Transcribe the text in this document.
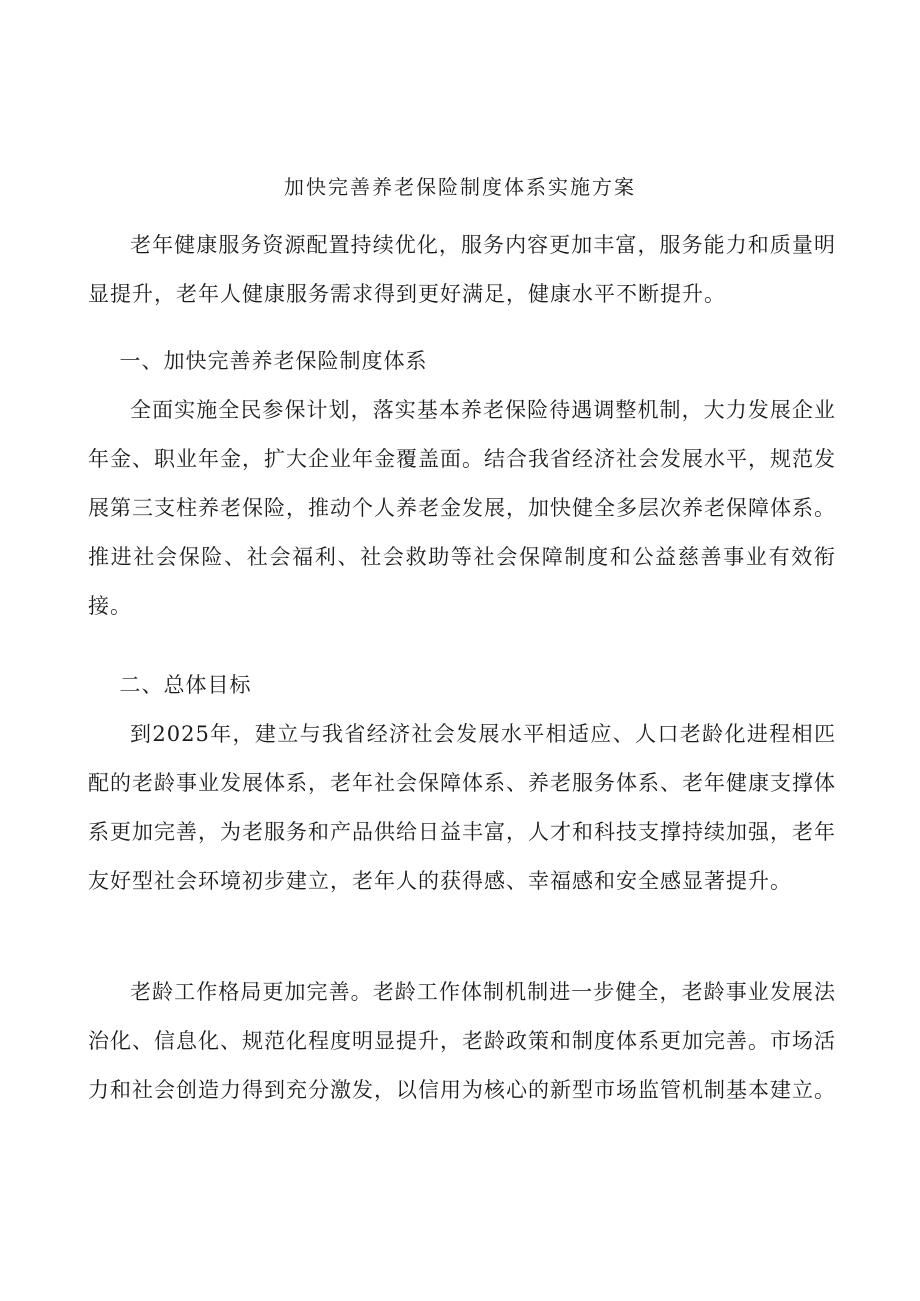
加快完善养老保险制度体系实施方案

老年健康服务资源配置持续优化，服务内容更加丰富，服务能力和质量明显提升，老年人健康服务需求得到更好满足，健康水平不断提升。

一、加快完善养老保险制度体系

全面实施全民参保计划，落实基本养老保险待遇调整机制，大力发展企业年金、职业年金，扩大企业年金覆盖面。结合我省经济社会发展水平，规范发展第三支柱养老保险，推动个人养老金发展，加快健全多层次养老保障体系。推进社会保险、社会福利、社会救助等社会保障制度和公益慈善事业有效衔接。

二、总体目标

到2025年，建立与我省经济社会发展水平相适应、人口老龄化进程相匹配的老龄事业发展体系，老年社会保障体系、养老服务体系、老年健康支撑体系更加完善，为老服务和产品供给日益丰富，人才和科技支撑持续加强，老年友好型社会环境初步建立，老年人的获得感、幸福感和安全感显著提升。

老龄工作格局更加完善。老龄工作体制机制进一步健全，老龄事业发展法治化、信息化、规范化程度明显提升，老龄政策和制度体系更加完善。市场活力和社会创造力得到充分激发，以信用为核心的新型市场监管机制基本建立。
